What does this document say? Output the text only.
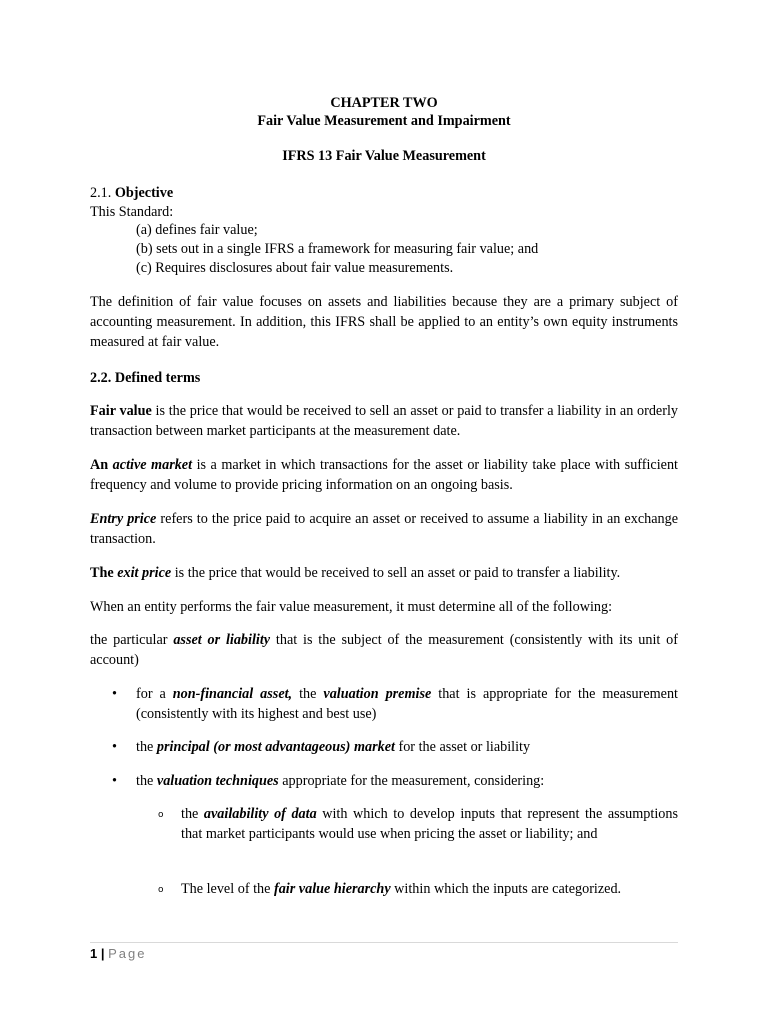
CHAPTER TWO
Fair Value Measurement and Impairment
IFRS 13 Fair Value Measurement
2.1. Objective
This Standard:
(a) defines fair value;
(b) sets out in a single IFRS a framework for measuring fair value; and
(c) Requires disclosures about fair value measurements.
The definition of fair value focuses on assets and liabilities because they are a primary subject of accounting measurement. In addition, this IFRS shall be applied to an entity’s own equity instruments measured at fair value.
2.2. Defined terms
Fair value is the price that would be received to sell an asset or paid to transfer a liability in an orderly transaction between market participants at the measurement date.
An active market is a market in which transactions for the asset or liability take place with sufficient frequency and volume to provide pricing information on an ongoing basis.
Entry price refers to the price paid to acquire an asset or received to assume a liability in an exchange transaction.
The exit price is the price that would be received to sell an asset or paid to transfer a liability.
When an entity performs the fair value measurement, it must determine all of the following:
the particular asset or liability that is the subject of the measurement (consistently with its unit of account)
• for a non-financial asset, the valuation premise that is appropriate for the measurement (consistently with its highest and best use)
• the principal (or most advantageous) market for the asset or liability
• the valuation techniques appropriate for the measurement, considering:
o the availability of data with which to develop inputs that represent the assumptions that market participants would use when pricing the asset or liability; and
o The level of the fair value hierarchy within which the inputs are categorized.
1 | Page
